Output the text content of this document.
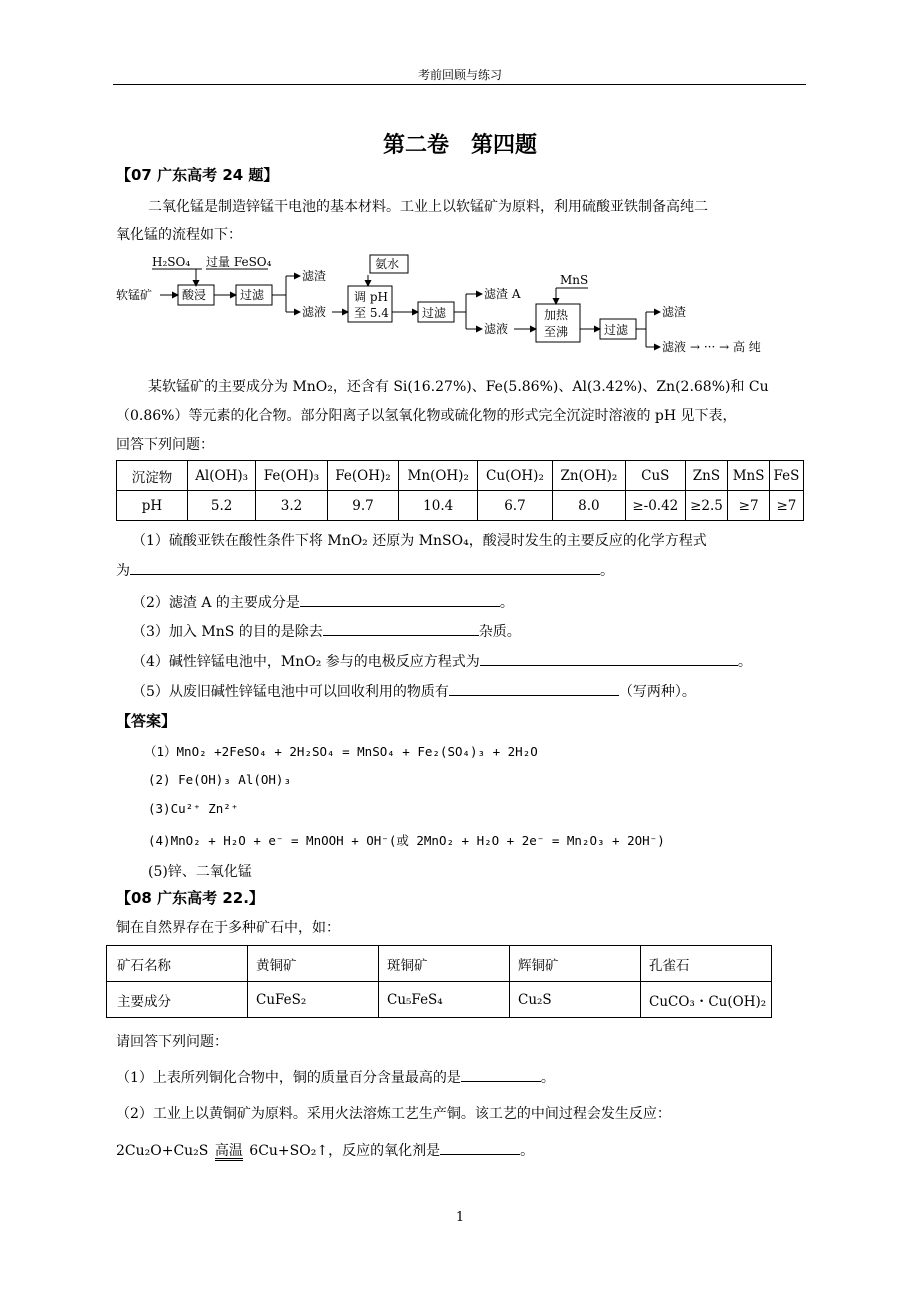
考前回顾与练习
第二卷　第四题
【07 广东高考 24 题】
二氧化锰是制造锌锰干电池的基本材料。工业上以软锰矿为原料，利用硫酸亚铁制备高纯二
氧化锰的流程如下：
软锰矿
H₂SO₄ 过量 FeSO₄
酸浸	过滤
滤渣
滤液
氨水
调 pH
至 5.4	过滤
滤渣 A
滤液
MnS
加热
至沸	过滤
滤渣
滤液 → ··· → 高 纯
某软锰矿的主要成分为 MnO₂，还含有 Si(16.27%)、Fe(5.86%)、Al(3.42%)、Zn(2.68%)和 Cu
（0.86%）等元素的化合物。部分阳离子以氢氧化物或硫化物的形式完全沉淀时溶液的 pH 见下表，
回答下列问题：
沉淀物	Al(OH)₃	Fe(OH)₃	Fe(OH)₂	Mn(OH)₂	Cu(OH)₂	Zn(OH)₂	CuS	ZnS	MnS	FeS
pH	5.2	3.2	9.7	10.4	6.7	8.0	≥-0.42	≥2.5	≥7	≥7
（1）硫酸亚铁在酸性条件下将 MnO₂ 还原为 MnSO₄，酸浸时发生的主要反应的化学方程式
为	。
（2）滤渣 A 的主要成分是	。
（3）加入 MnS 的目的是除去	杂质。
（4）碱性锌锰电池中，MnO₂ 参与的电极反应方程式为	。
（5）从废旧碱性锌锰电池中可以回收利用的物质有	（写两种）。
【答案】
（1）MnO₂ +2FeSO₄ + 2H₂SO₄ = MnSO₄ + Fe₂(SO₄)₃ + 2H₂O
(2) Fe(OH)₃ Al(OH)₃
(3)Cu²⁺ Zn²⁺
(4)MnO₂ + H₂O + e⁻ = MnOOH + OH⁻(或 2MnO₂ + H₂O + 2e⁻ = Mn₂O₃ + 2OH⁻)
(5)锌、二氧化锰
【08 广东高考 22.】
铜在自然界存在于多种矿石中，如：
矿石名称	黄铜矿	斑铜矿	辉铜矿	孔雀石
主要成分	CuFeS₂	Cu₅FeS₄	Cu₂S	CuCO₃・Cu(OH)₂
请回答下列问题：
（1）上表所列铜化合物中，铜的质量百分含量最高的是	。
（2）工业上以黄铜矿为原料。采用火法溶炼工艺生产铜。该工艺的中间过程会发生反应：
2Cu₂O+Cu₂S 高温 6Cu+SO₂↑，反应的氧化剂是	。
1
